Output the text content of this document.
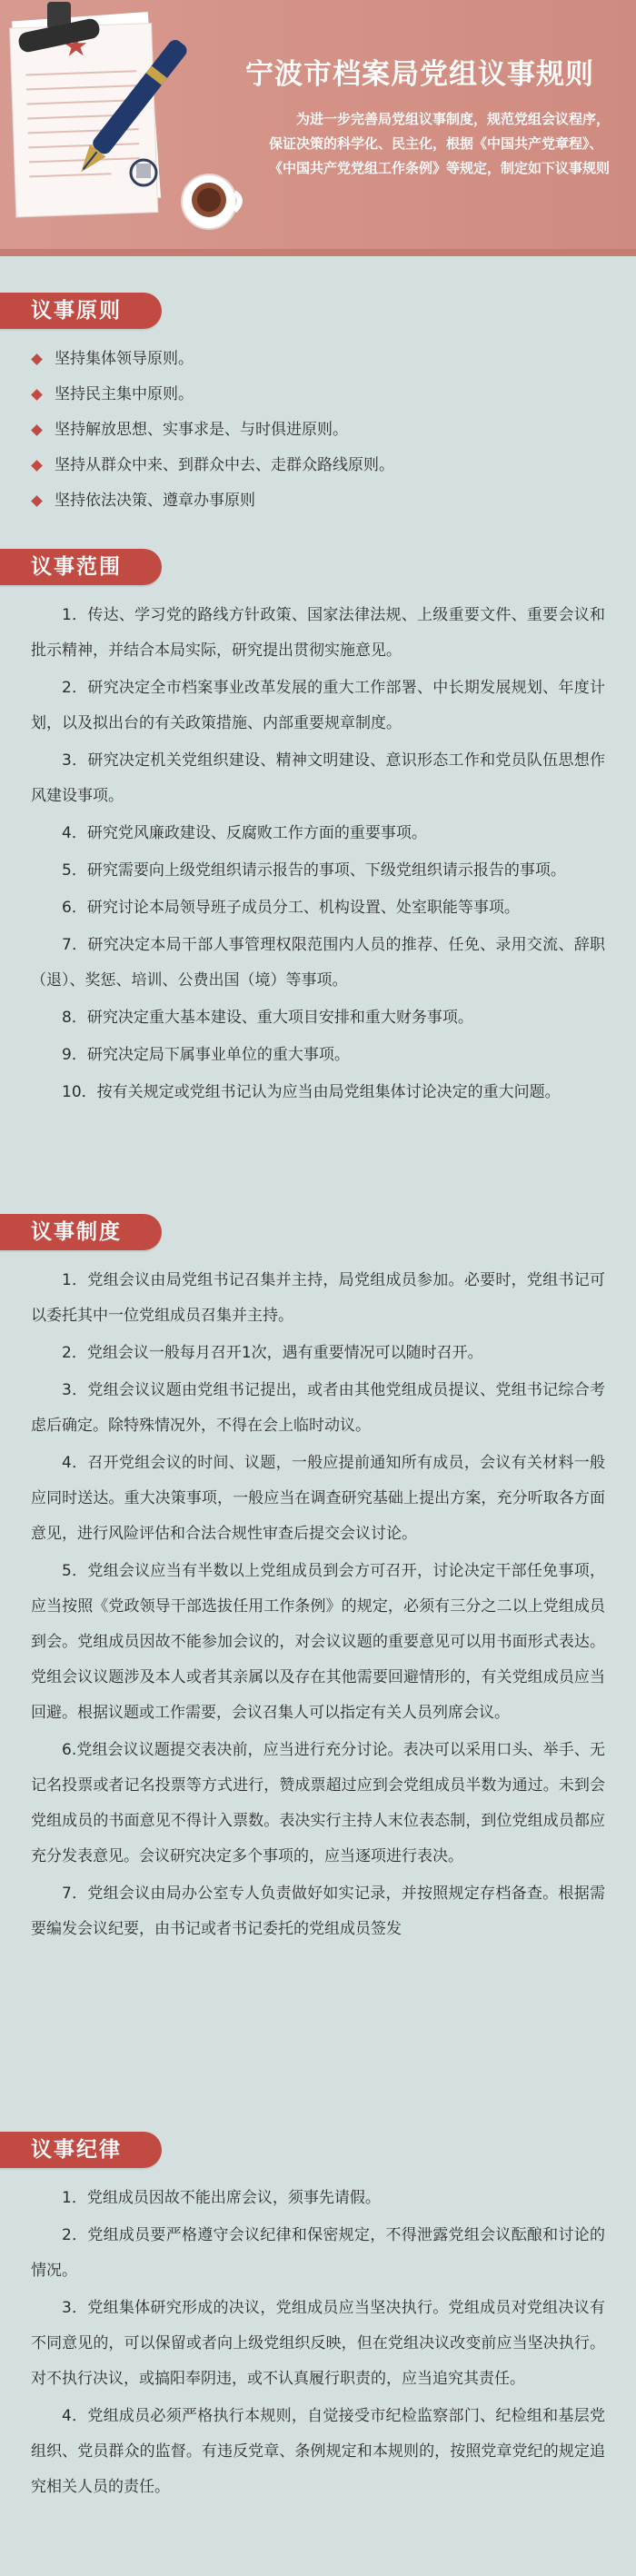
宁波市档案局党组议事规则
为进一步完善局党组议事制度，规范党组会议程序，保证决策的科学化、民主化，根据《中国共产党章程》、《中国共产党党组工作条例》等规定，制定如下议事规则
议事原则
坚持集体领导原则。
坚持民主集中原则。
坚持解放思想、实事求是、与时俱进原则。
坚持从群众中来、到群众中去、走群众路线原则。
坚持依法决策、遵章办事原则
议事范围

1．传达、学习党的路线方针政策、国家法律法规、上级重要文件、重要会议和批示精神，并结合本局实际，研究提出贯彻实施意见。

2．研究决定全市档案事业改革发展的重大工作部署、中长期发展规划、年度计划，以及拟出台的有关政策措施、内部重要规章制度。

3．研究决定机关党组织建设、精神文明建设、意识形态工作和党员队伍思想作风建设事项。

4．研究党风廉政建设、反腐败工作方面的重要事项。

5．研究需要向上级党组织请示报告的事项、下级党组织请示报告的事项。

6．研究讨论本局领导班子成员分工、机构设置、处室职能等事项。

7．研究决定本局干部人事管理权限范围内人员的推荐、任免、录用交流、辞职（退）、奖惩、培训、公费出国（境）等事项。

8．研究决定重大基本建设、重大项目安排和重大财务事项。

9．研究决定局下属事业单位的重大事项。

10．按有关规定或党组书记认为应当由局党组集体讨论决定的重大问题。

议事制度

1．党组会议由局党组书记召集并主持，局党组成员参加。必要时，党组书记可以委托其中一位党组成员召集并主持。

2．党组会议一般每月召开1次，遇有重要情况可以随时召开。

3．党组会议议题由党组书记提出，或者由其他党组成员提议、党组书记综合考虑后确定。除特殊情况外，不得在会上临时动议。

4．召开党组会议的时间、议题，一般应提前通知所有成员，会议有关材料一般应同时送达。重大决策事项，一般应当在调查研究基础上提出方案，充分听取各方面意见，进行风险评估和合法合规性审查后提交会议讨论。

5．党组会议应当有半数以上党组成员到会方可召开，讨论决定干部任免事项，应当按照《党政领导干部选拔任用工作条例》的规定，必须有三分之二以上党组成员到会。党组成员因故不能参加会议的，对会议议题的重要意见可以用书面形式表达。党组会议议题涉及本人或者其亲属以及存在其他需要回避情形的，有关党组成员应当回避。根据议题或工作需要，会议召集人可以指定有关人员列席会议。

6.党组会议议题提交表决前，应当进行充分讨论。表决可以采用口头、举手、无记名投票或者记名投票等方式进行，赞成票超过应到会党组成员半数为通过。未到会党组成员的书面意见不得计入票数。表决实行主持人末位表态制，到位党组成员都应充分发表意见。会议研究决定多个事项的，应当逐项进行表决。

7．党组会议由局办公室专人负责做好如实记录，并按照规定存档备查。根据需要编发会议纪要，由书记或者书记委托的党组成员签发

议事纪律

1．党组成员因故不能出席会议，须事先请假。

2．党组成员要严格遵守会议纪律和保密规定，不得泄露党组会议酝酿和讨论的情况。

3．党组集体研究形成的决议，党组成员应当坚决执行。党组成员对党组决议有不同意见的，可以保留或者向上级党组织反映，但在党组决议改变前应当坚决执行。对不执行决议，或搞阳奉阴违，或不认真履行职责的，应当追究其责任。

4．党组成员必须严格执行本规则，自觉接受市纪检监察部门、纪检组和基层党组织、党员群众的监督。有违反党章、条例规定和本规则的，按照党章党纪的规定追究相关人员的责任。
